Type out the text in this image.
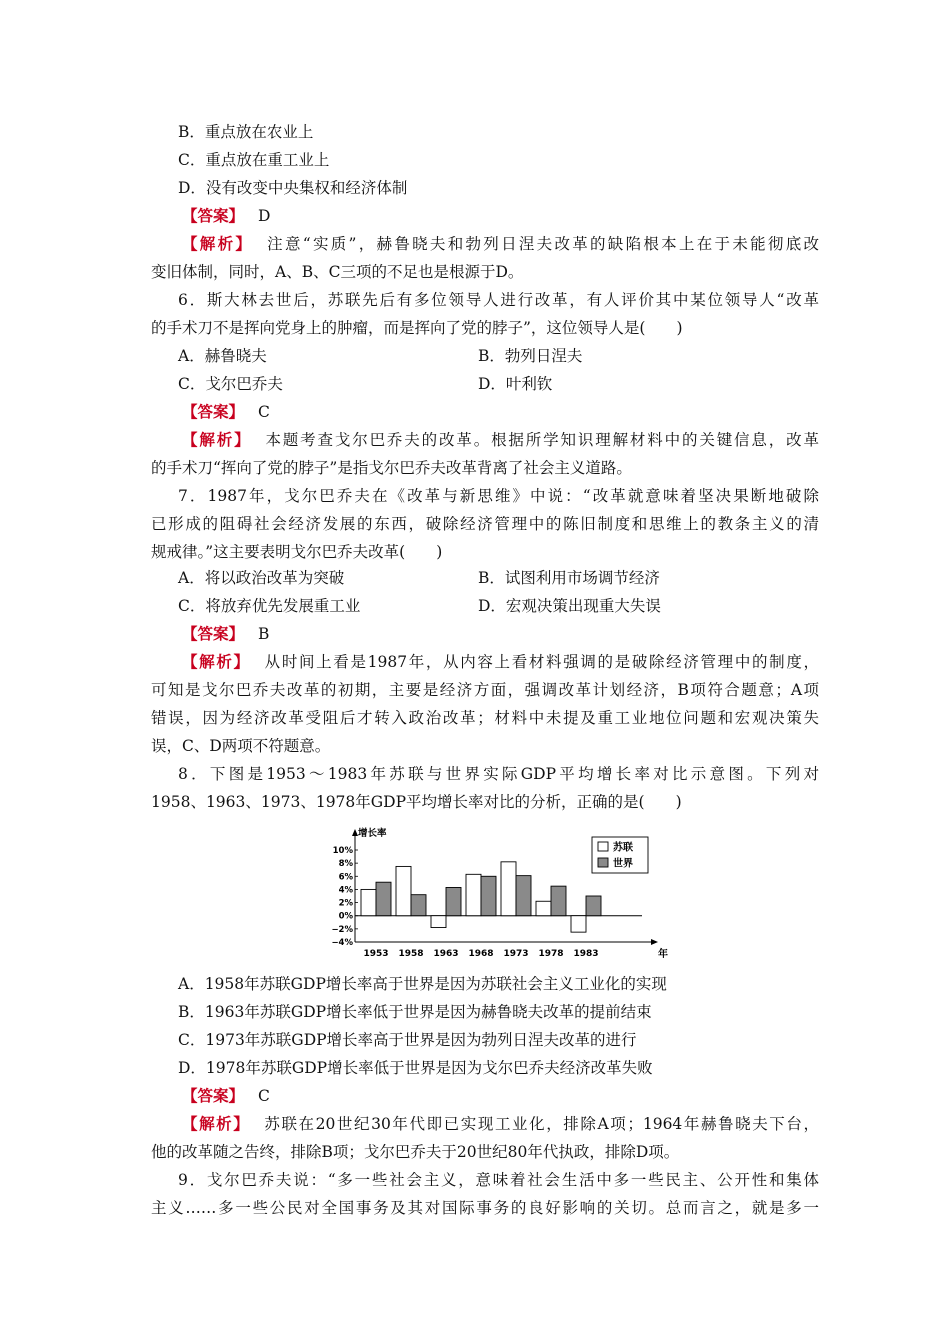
B．重点放在农业上
C．重点放在重工业上
D．没有改变中央集权和经济体制
【答案】 D
【解析】 注意“实质”，赫鲁晓夫和勃列日涅夫改革的缺陷根本上在于未能彻底改
变旧体制，同时，A、B、C三项的不足也是根源于D。
6．斯大林去世后，苏联先后有多位领导人进行改革，有人评价其中某位领导人“改革
的手术刀不是挥向党身上的肿瘤，而是挥向了党的脖子”，这位领导人是(　　)
A．赫鲁晓夫	B．勃列日涅夫
C．戈尔巴乔夫	D．叶利钦
【答案】 C
【解析】 本题考查戈尔巴乔夫的改革。根据所学知识理解材料中的关键信息，改革
的手术刀“挥向了党的脖子”是指戈尔巴乔夫改革背离了社会主义道路。
7．1987年，戈尔巴乔夫在《改革与新思维》中说：“改革就意味着坚决果断地破除
已形成的阻碍社会经济发展的东西，破除经济管理中的陈旧制度和思维上的教条主义的清
规戒律。”这主要表明戈尔巴乔夫改革(　　)
A．将以政治改革为突破	B．试图利用市场调节经济
C．将放弃优先发展重工业	D．宏观决策出现重大失误
【答案】 B
【解析】 从时间上看是1987年，从内容上看材料强调的是破除经济管理中的制度，
可知是戈尔巴乔夫改革的初期，主要是经济方面，强调改革计划经济，B项符合题意；A项
错误，因为经济改革受阻后才转入政治改革；材料中未提及重工业地位问题和宏观决策失
误，C、D两项不符题意。
8．下图是1953～1983年苏联与世界实际GDP平均增长率对比示意图。下列对
1958、1963、1973、1978年GDP平均增长率对比的分析，正确的是(　　)
增长率
年
10%
8%
6%
4%
2%
0%
−2%
−4%
1953 1958 1963 1968 1973 1978 1983
苏联
世界
A．1958年苏联GDP增长率高于世界是因为苏联社会主义工业化的实现
B．1963年苏联GDP增长率低于世界是因为赫鲁晓夫改革的提前结束
C．1973年苏联GDP增长率高于世界是因为勃列日涅夫改革的进行
D．1978年苏联GDP增长率低于世界是因为戈尔巴乔夫经济改革失败
【答案】 C
【解析】 苏联在20世纪30年代即已实现工业化，排除A项；1964年赫鲁晓夫下台，
他的改革随之告终，排除B项；戈尔巴乔夫于20世纪80年代执政，排除D项。
9．戈尔巴乔夫说：“多一些社会主义，意味着社会生活中多一些民主、公开性和集体
主义……多一些公民对全国事务及其对国际事务的良好影响的关切。总而言之，就是多一
